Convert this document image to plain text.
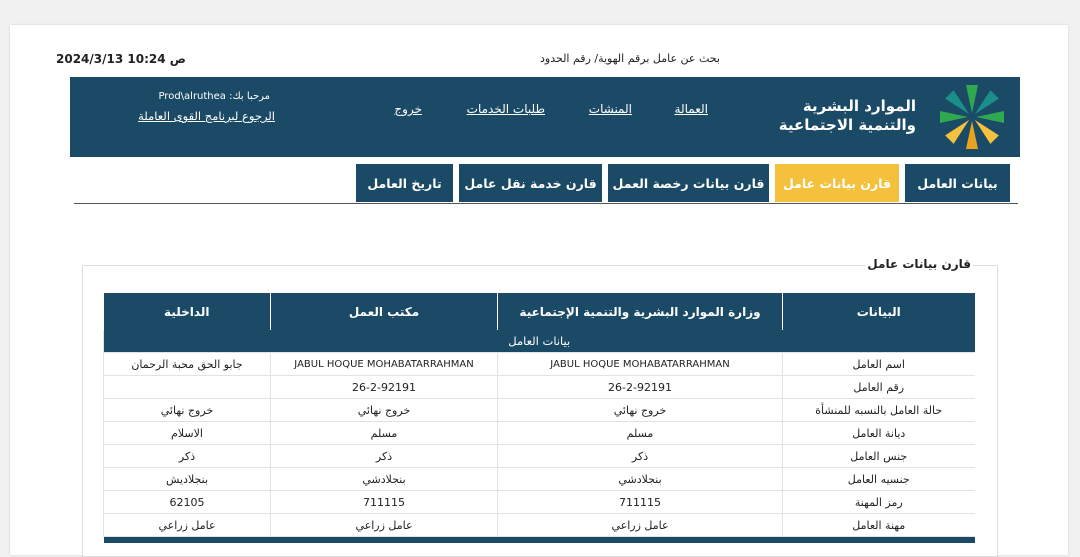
2024/3/13 10:24 ص	بحث عن عامل برقم الهوية/ رقم الحدود
الموارد البشرية
والتنمية الاجتماعية
العمالة
المنشات
طلبات الخدمات
خروج
مرحبا بك: Prod\alruthea
الرجوع لبرنامج القوى العاملة
بيانات العامل
قارن بيانات عامل
قارن بيانات رخصة العمل
قارن خدمة نقل عامل
تاريخ العامل
قارن بيانات عامل
البيانات	وزارة الموارد البشرية والتنمية الإجتماعية	مكتب العمل	الداخلية
بيانات العامل			
اسم العامل	JABUL HOQUE MOHABATARRAHMAN	JABUL HOQUE MOHABATARRAHMAN	جابو الحق محبة الرحمان
رقم العامل	26-2-92191	26-2-92191	
حالة العامل بالنسبه للمنشأة	خروج نهائي	خروج نهائي	خروج نهائي
ديانة العامل	مسلم	مسلم	الاسلام
جنس العامل	ذكر	ذكر	ذكر
جنسيه العامل	بنجلادشي	بنجلادشي	بنجلاديش
رمز المهنة	711115	711115	62105
مهنة العامل	عامل زراعي	عامل زراعي	عامل زراعي
